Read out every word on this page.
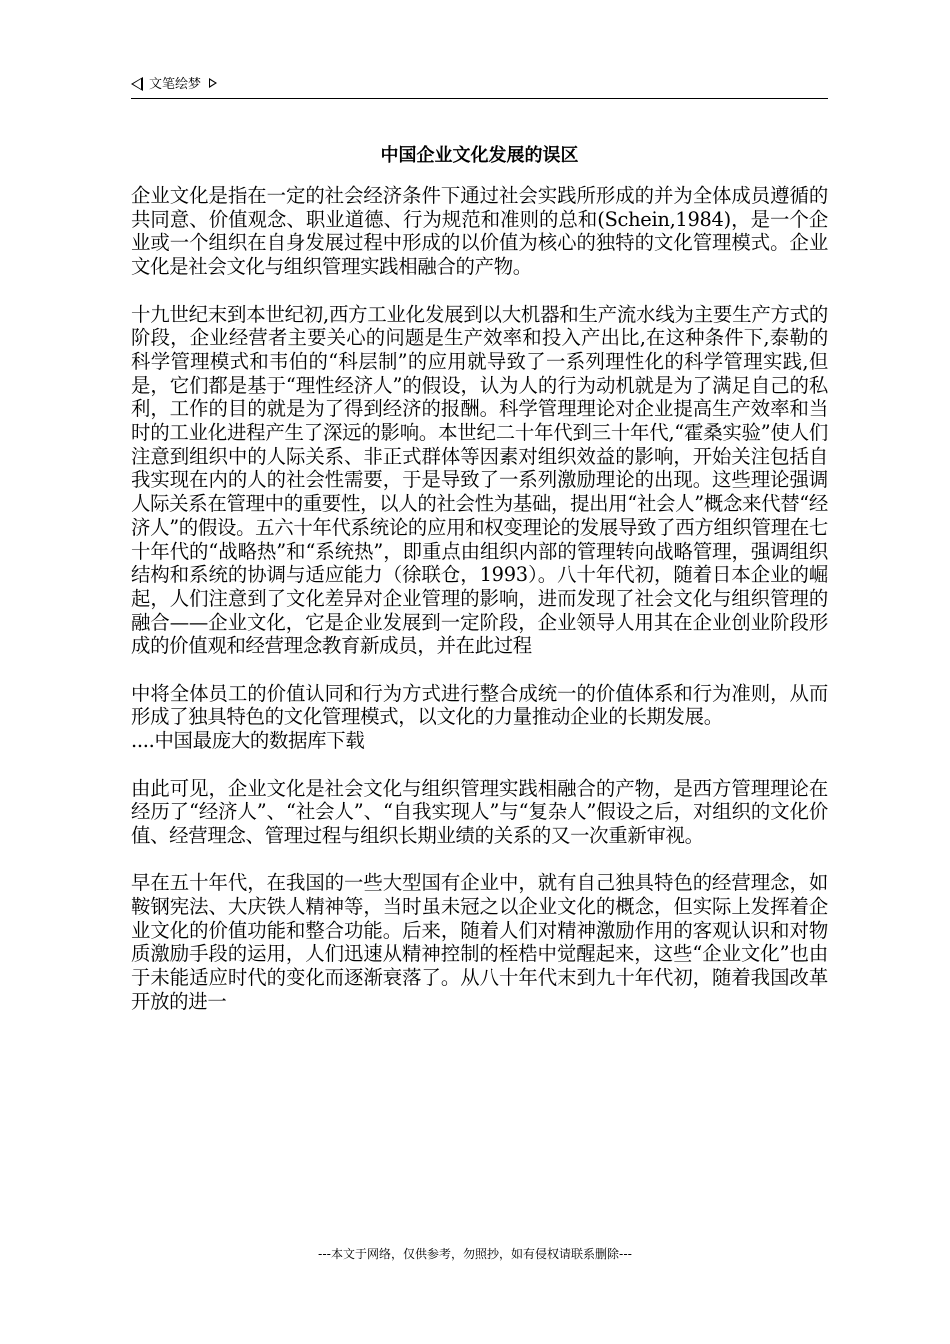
文笔绘梦
中国企业文化发展的误区

企业文化是指在一定的社会经济条件下通过社会实践所形成的并为全体成员遵循的共同意、价值观念、职业道德、行为规范和准则的总和(Schein,1984)，是一个企业或一个组织在自身发展过程中形成的以价值为核心的独特的文化管理模式。企业文化是社会文化与组织管理实践相融合的产物。

十九世纪末到本世纪初,西方工业化发展到以大机器和生产流水线为主要生产方式的阶段，企业经营者主要关心的问题是生产效率和投入产出比,在这种条件下,泰勒的科学管理模式和韦伯的“科层制”的应用就导致了一系列理性化的科学管理实践,但是，它们都是基于“理性经济人”的假设，认为人的行为动机就是为了满足自己的私利，工作的目的就是为了得到经济的报酬。科学管理理论对企业提高生产效率和当时的工业化进程产生了深远的影响。本世纪二十年代到三十年代,“霍桑实验”使人们注意到组织中的人际关系、非正式群体等因素对组织效益的影响，开始关注包括自我实现在内的人的社会性需要，于是导致了一系列激励理论的出现。这些理论强调人际关系在管理中的重要性，以人的社会性为基础，提出用“社会人”概念来代替“经济人”的假设。五六十年代系统论的应用和权变理论的发展导致了西方组织管理在七十年代的“战略热”和“系统热”，即重点由组织内部的管理转向战略管理，强调组织结构和系统的协调与适应能力（徐联仓，1993）。八十年代初，随着日本企业的崛起，人们注意到了文化差异对企业管理的影响，进而发现了社会文化与组织管理的融合——企业文化，它是企业发展到一定阶段，企业领导人用其在企业创业阶段形成的价值观和经营理念教育新成员，并在此过程

中将全体员工的价值认同和行为方式进行整合成统一的价值体系和行为准则，从而形成了独具特色的文化管理模式，以文化的力量推动企业的长期发展。

....中国最庞大的数据库下载

由此可见，企业文化是社会文化与组织管理实践相融合的产物，是西方管理理论在经历了“经济人”、“社会人”、“自我实现人”与“复杂人”假设之后，对组织的文化价值、经营理念、管理过程与组织长期业绩的关系的又一次重新审视。

早在五十年代，在我国的一些大型国有企业中，就有自己独具特色的经营理念，如鞍钢宪法、大庆铁人精神等，当时虽未冠之以企业文化的概念，但实际上发挥着企业文化的价值功能和整合功能。后来，随着人们对精神激励作用的客观认识和对物质激励手段的运用，人们迅速从精神控制的桎梏中觉醒起来，这些“企业文化”也由于未能适应时代的变化而逐渐衰落了。从八十年代末到九十年代初，随着我国改革开放的进一

---本文于网络，仅供参考，勿照抄，如有侵权请联系删除---
